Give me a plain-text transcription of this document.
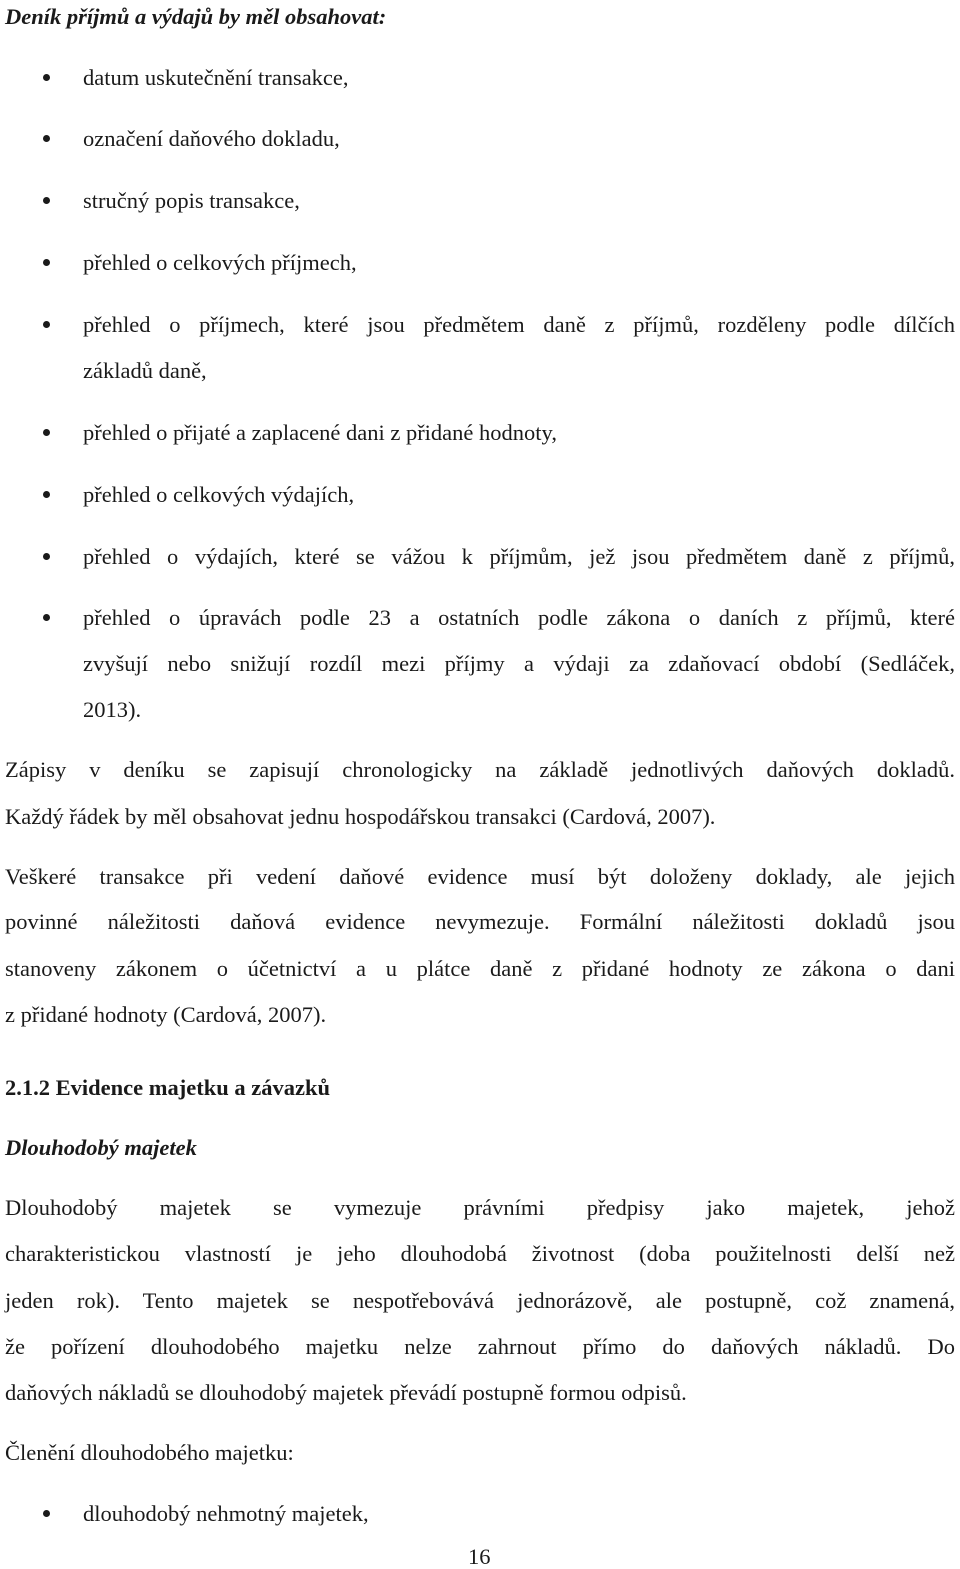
Deník příjmů a výdajů by měl obsahovat:
datum uskutečnění transakce,
označení daňového dokladu,
stručný popis transakce,
přehled o celkových příjmech,
přehled o příjmech, které jsou předmětem daně z příjmů, rozděleny podle dílčích
základů daně,
přehled o přijaté a zaplacené dani z přidané hodnoty,
přehled o celkových výdajích,
přehled o výdajích, které se vážou k příjmům, jež jsou předmětem daně z příjmů,
přehled o úpravách podle 23 a ostatních podle zákona o daních z příjmů, které
zvyšují nebo snižují rozdíl mezi příjmy a výdaji za zdaňovací období (Sedláček,
2013).
Zápisy v deníku se zapisují chronologicky na základě jednotlivých daňových dokladů.
Každý řádek by měl obsahovat jednu hospodářskou transakci (Cardová, 2007).
Veškeré transakce při vedení daňové evidence musí být doloženy doklady, ale jejich
povinné náležitosti daňová evidence nevymezuje. Formální náležitosti dokladů jsou
stanoveny zákonem o účetnictví a u plátce daně z přidané hodnoty ze zákona o dani
z přidané hodnoty (Cardová, 2007).
2.1.2 Evidence majetku a závazků
Dlouhodobý majetek
Dlouhodobý majetek se vymezuje právními předpisy jako majetek, jehož
charakteristickou vlastností je jeho dlouhodobá životnost (doba použitelnosti delší než
jeden rok). Tento majetek se nespotřebovává jednorázově, ale postupně, což znamená,
že pořízení dlouhodobého majetku nelze zahrnout přímo do daňových nákladů. Do
daňových nákladů se dlouhodobý majetek převádí postupně formou odpisů.
Členění dlouhodobého majetku:
dlouhodobý nehmotný majetek,
16
